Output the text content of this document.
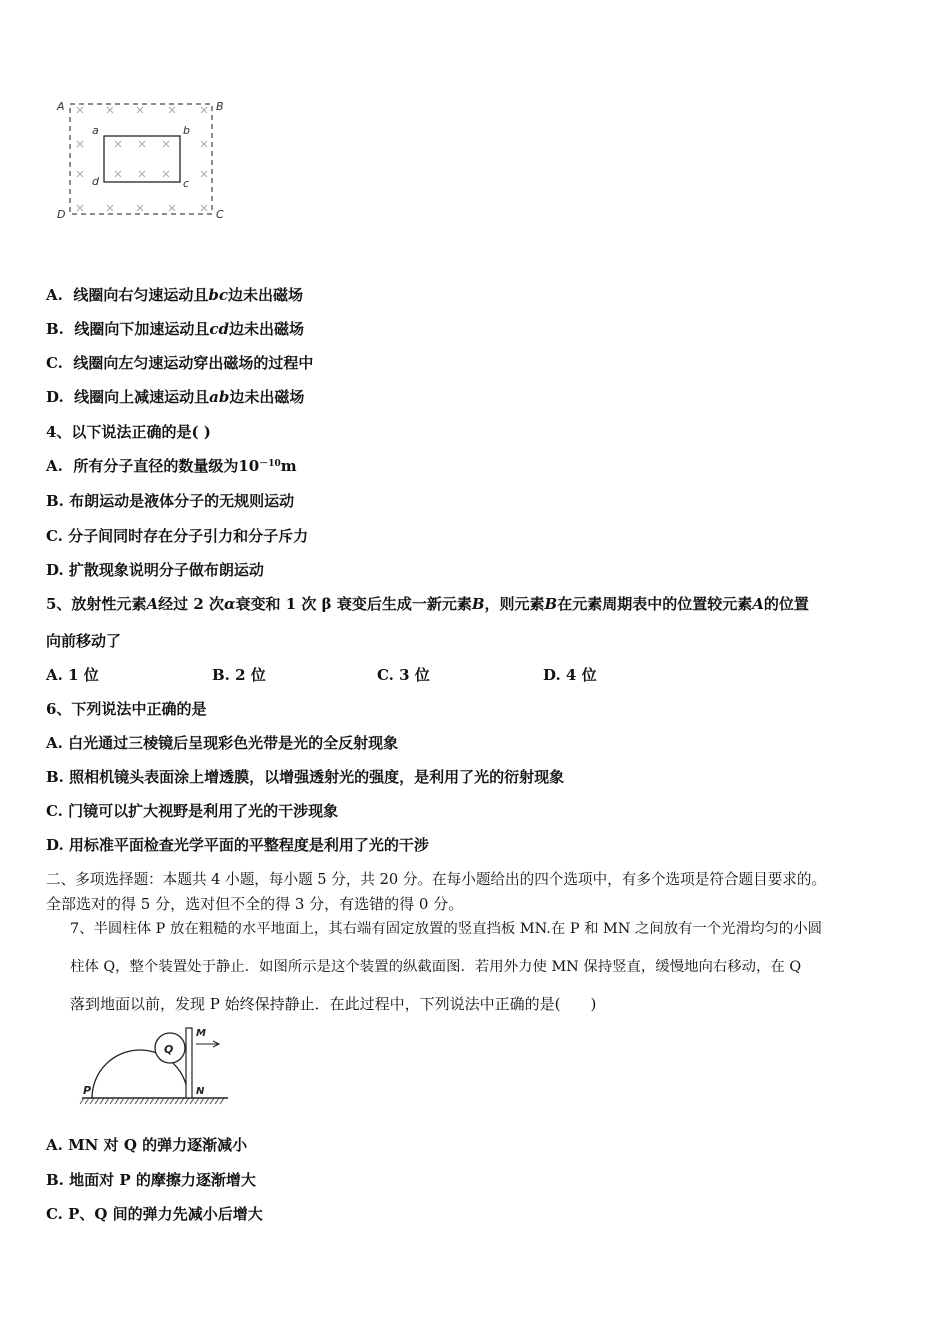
A	B
C
D
a	b
c
d
A. 线圈向右匀速运动且bc边未出磁场
B. 线圈向下加速运动且cd边未出磁场
C. 线圈向左匀速运动穿出磁场的过程中
D. 线圈向上减速运动且ab边未出磁场
4、以下说法正确的是( )
A. 所有分子直径的数量级为$10^{-10}m$
B. 布朗运动是液体分子的无规则运动
C. 分子间同时存在分子引力和分子斥力
D. 扩散现象说明分子做布朗运动
5、放射性元素A经过 2 次α衰变和 1 次 β 衰变后生成一新元素B，则元素B在元素周期表中的位置较元素A的位置
向前移动了
A. 1 位	B. 2 位	C. 3 位	D. 4 位
6、下列说法中正确的是
A. 白光通过三棱镜后呈现彩色光带是光的全反射现象
B. 照相机镜头表面涂上增透膜，以增强透射光的强度，是利用了光的衍射现象
C. 门镜可以扩大视野是利用了光的干涉现象
D. 用标准平面检查光学平面的平整程度是利用了光的干涉
二、多项选择题：本题共 4 小题，每小题 5 分，共 20 分。在每小题给出的四个选项中，有多个选项是符合题目要求的。
全部选对的得 5 分，选对但不全的得 3 分，有选错的得 0 分。
7、半圆柱体 P 放在粗糙的水平地面上，其右端有固定放置的竖直挡板 MN.在 P 和 MN 之间放有一个光滑均匀的小圆
柱体 Q，整个装置处于静止．如图所示是这个装置的纵截面图．若用外力使 MN 保持竖直，缓慢地向右移动，在 Q
落到地面以前，发现 P 始终保持静止．在此过程中，下列说法中正确的是(　　)
Q
P
M
N
A. MN 对 Q 的弹力逐渐减小
B. 地面对 P 的摩擦力逐渐增大
C. P、Q 间的弹力先减小后增大
